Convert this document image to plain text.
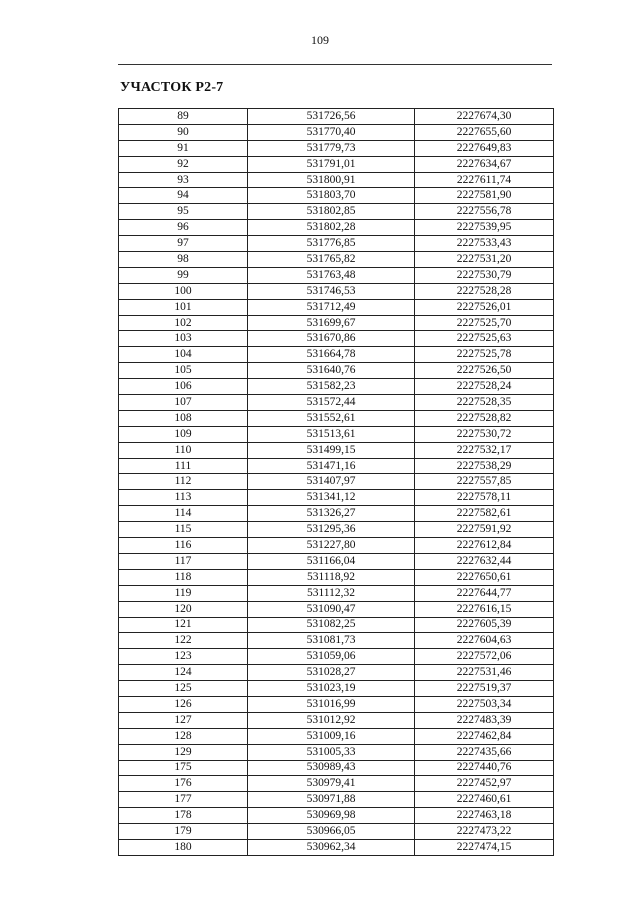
109
УЧАСТОК Р2-7
89	531726,56	2227674,30
90	531770,40	2227655,60
91	531779,73	2227649,83
92	531791,01	2227634,67
93	531800,91	2227611,74
94	531803,70	2227581,90
95	531802,85	2227556,78
96	531802,28	2227539,95
97	531776,85	2227533,43
98	531765,82	2227531,20
99	531763,48	2227530,79
100	531746,53	2227528,28
101	531712,49	2227526,01
102	531699,67	2227525,70
103	531670,86	2227525,63
104	531664,78	2227525,78
105	531640,76	2227526,50
106	531582,23	2227528,24
107	531572,44	2227528,35
108	531552,61	2227528,82
109	531513,61	2227530,72
110	531499,15	2227532,17
111	531471,16	2227538,29
112	531407,97	2227557,85
113	531341,12	2227578,11
114	531326,27	2227582,61
115	531295,36	2227591,92
116	531227,80	2227612,84
117	531166,04	2227632,44
118	531118,92	2227650,61
119	531112,32	2227644,77
120	531090,47	2227616,15
121	531082,25	2227605,39
122	531081,73	2227604,63
123	531059,06	2227572,06
124	531028,27	2227531,46
125	531023,19	2227519,37
126	531016,99	2227503,34
127	531012,92	2227483,39
128	531009,16	2227462,84
129	531005,33	2227435,66
175	530989,43	2227440,76
176	530979,41	2227452,97
177	530971,88	2227460,61
178	530969,98	2227463,18
179	530966,05	2227473,22
180	530962,34	2227474,15
